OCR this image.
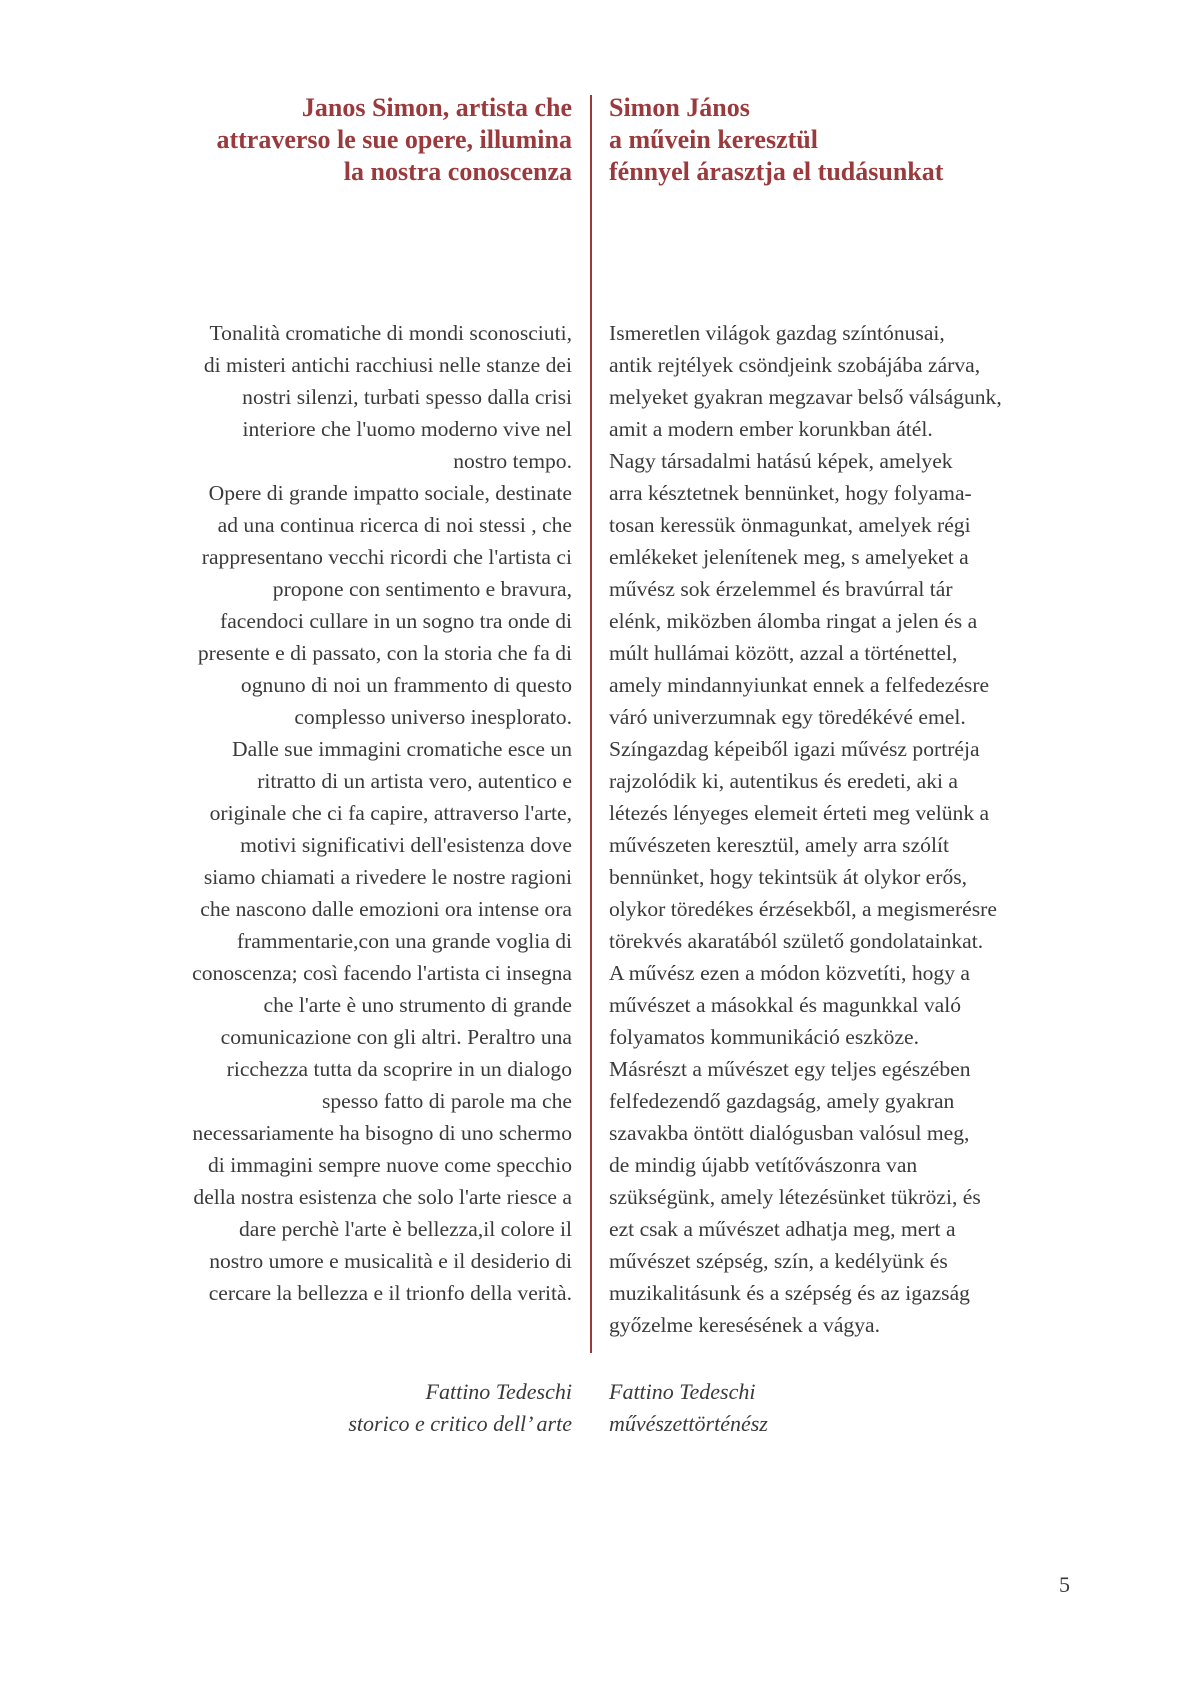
Janos Simon, artista che
attraverso le sue opere, illumina
la nostra conoscenza
Tonalità cromatiche di mondi sconosciuti,
di misteri antichi racchiusi nelle stanze dei
nostri silenzi, turbati spesso dalla crisi
interiore che l'uomo moderno vive nel
nostro tempo.
Opere di grande impatto sociale, destinate
ad una continua ricerca di noi stessi , che
rappresentano vecchi ricordi che l'artista ci
propone con sentimento e bravura,
facendoci cullare in un sogno tra onde di
presente e di passato, con la storia che fa di
ognuno di noi un frammento di questo
complesso universo inesplorato.
Dalle sue immagini cromatiche esce un
ritratto di un artista vero, autentico e
originale che ci fa capire, attraverso l'arte,
motivi significativi dell'esistenza dove
siamo chiamati a rivedere le nostre ragioni
che nascono dalle emozioni ora intense ora
frammentarie,con una grande voglia di
conoscenza; così facendo l'artista ci insegna
che l'arte è uno strumento di grande
comunicazione con gli altri. Peraltro una
ricchezza tutta da scoprire in un dialogo
spesso fatto di parole ma che
necessariamente ha bisogno di uno schermo
di immagini sempre nuove come specchio
della nostra esistenza che solo l'arte riesce a
dare perchè l'arte è bellezza,il colore il
nostro umore e musicalità e il desiderio di
cercare la bellezza e il trionfo della verità.
Fattino Tedeschi
storico e critico dell’ arte
Simon János
a művein keresztül
fénnyel árasztja el tudásunkat
Ismeretlen világok gazdag színtónusai,
antik rejtélyek csöndjeink szobájába zárva,
melyeket gyakran megzavar belső válságunk,
amit a modern ember korunkban átél.
Nagy társadalmi hatású képek, amelyek
arra késztetnek bennünket, hogy folyama-
tosan keressük önmagunkat, amelyek régi
emlékeket jelenítenek meg, s amelyeket a
művész sok érzelemmel és bravúrral tár
elénk, miközben álomba ringat a jelen és a
múlt hullámai között, azzal a történettel,
amely mindannyiunkat ennek a felfedezésre
váró univerzumnak egy töredékévé emel.
Színgazdag képeiből igazi művész portréja
rajzolódik ki, autentikus és eredeti, aki a
létezés lényeges elemeit érteti meg velünk a
művészeten keresztül, amely arra szólít
bennünket, hogy tekintsük át olykor erős,
olykor töredékes érzésekből, a megismerésre
törekvés akaratából születő gondolatainkat.
A művész ezen a módon közvetíti, hogy a
művészet a másokkal és magunkkal való
folyamatos kommunikáció eszköze.
Másrészt a művészet egy teljes egészében
felfedezendő gazdagság, amely gyakran
szavakba öntött dialógusban valósul meg,
de mindig újabb vetítővászonra van
szükségünk, amely létezésünket tükrözi, és
ezt csak a művészet adhatja meg, mert a
művészet szépség, szín, a kedélyünk és
muzikalitásunk és a szépség és az igazság
győzelme keresésének a vágya.
Fattino Tedeschi
művészettörténész
5
